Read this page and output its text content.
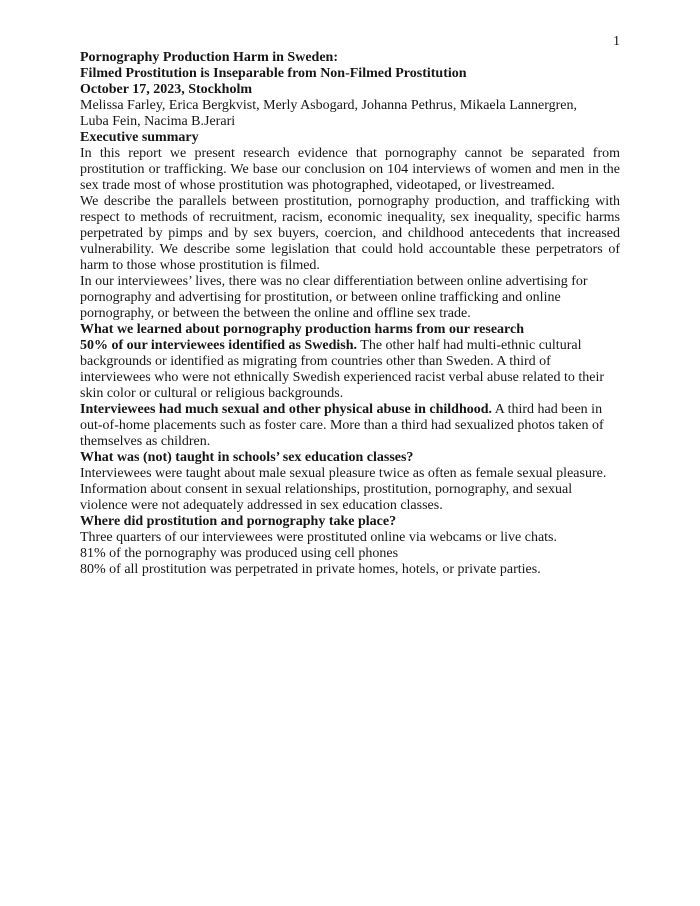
1

Pornography Production Harm in Sweden:
Filmed Prostitution is Inseparable from Non-Filmed Prostitution

October 17, 2023, Stockholm

Melissa Farley, Erica Bergkvist, Merly Asbogard, Johanna Pethrus, Mikaela Lannergren,
Luba Fein, Nacima B.Jerari

Executive summary

In this report we present research evidence that pornography cannot be separated from prostitution or trafficking. We base our conclusion on 104 interviews of women and men in the sex trade most of whose prostitution was photographed, videotaped, or livestreamed.

We describe the parallels between prostitution, pornography production, and trafficking with respect to methods of recruitment, racism, economic inequality, sex inequality, specific harms perpetrated by pimps and by sex buyers, coercion, and childhood antecedents that increased vulnerability. We describe some legislation that could hold accountable these perpetrators of harm to those whose prostitution is filmed.

In our interviewees’ lives, there was no clear differentiation between online advertising for pornography and advertising for prostitution, or between online trafficking and online pornography, or between the between the online and offline sex trade.

What we learned about pornography production harms from our research

50% of our interviewees identified as Swedish. The other half had multi-ethnic cultural backgrounds or identified as migrating from countries other than Sweden. A third of interviewees who were not ethnically Swedish experienced racist verbal abuse related to their skin color or cultural or religious backgrounds.

Interviewees had much sexual and other physical abuse in childhood. A third had been in out-of-home placements such as foster care. More than a third had sexualized photos taken of themselves as children.

What was (not) taught in schools’ sex education classes?
Interviewees were taught about male sexual pleasure twice as often as female sexual pleasure. Information about consent in sexual relationships, prostitution, pornography, and sexual violence were not adequately addressed in sex education classes.
Where did prostitution and pornography take place?
Three quarters of our interviewees were prostituted online via webcams or live chats.

81% of the pornography was produced using cell phones

80% of all prostitution was perpetrated in private homes, hotels, or private parties.
